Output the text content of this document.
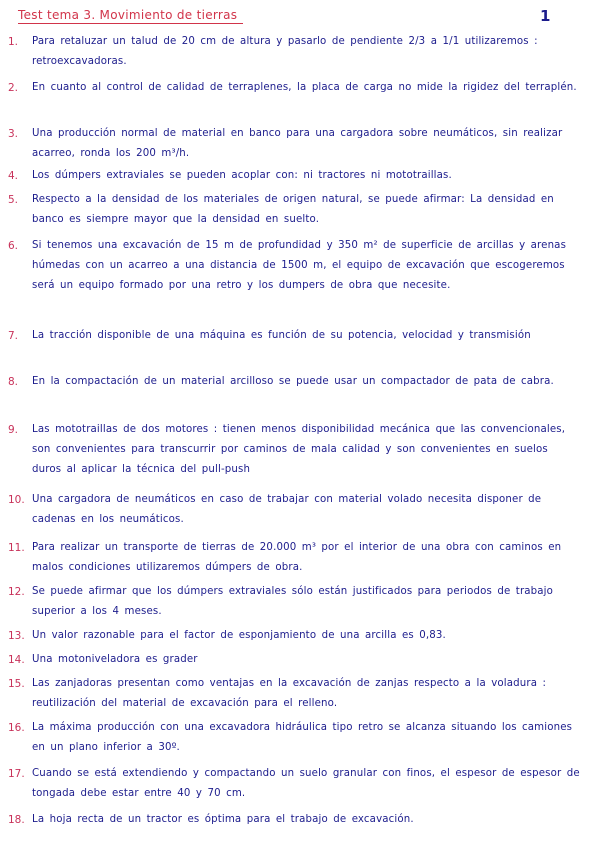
Test tema 3. Movimiento de tierras	1
1.	Para retaluzar un talud de 20 cm de altura y pasarlo de pendiente 2/3 a 1/1 utilizaremos : retroexcavadoras.
2.	En cuanto al control de calidad de terraplenes, la placa de carga no mide la rigidez del terraplén.
3.	Una producción normal de material en banco para una cargadora sobre neumáticos, sin realizar acarreo, ronda los 200 m³/h.
4.	Los dúmpers extraviales se pueden acoplar con: ni tractores ni mototraillas.
5.	Respecto a la densidad de los materiales de origen natural, se puede afirmar: La densidad en banco es siempre mayor que la densidad en suelto.
6.	Si tenemos una excavación de 15 m de profundidad y 350 m² de superficie de arcillas y arenas húmedas con un acarreo a una distancia de 1500 m, el equipo de excavación que escogeremos será un equipo formado por una retro y los dumpers de obra que necesite.
7.	La tracción disponible de una máquina es función de su potencia, velocidad y transmisión
8.	En la compactación de un material arcilloso se puede usar un compactador de pata de cabra.
9.	Las mototraillas de dos motores : tienen menos disponibilidad mecánica que las convencionales, son convenientes para transcurrir por caminos de mala calidad y son convenientes en suelos duros al aplicar la técnica del pull-push
10. Una cargadora de neumáticos en caso de trabajar con material volado necesita disponer de cadenas en los neumáticos.
11. Para realizar un transporte de tierras de 20.000 m³ por el interior de una obra con caminos en malos condiciones utilizaremos dúmpers de obra.
12. Se puede afirmar que los dúmpers extraviales sólo están justificados para periodos de trabajo superior a los 4 meses.
13. Un valor razonable para el factor de esponjamiento de una arcilla es 0,83.
14. Una motoniveladora es grader
15. Las zanjadoras presentan como ventajas en la excavación de zanjas respecto a la voladura : reutilización del material de excavación para el relleno.
16. La máxima producción con una excavadora hidráulica tipo retro se alcanza situando los camiones en un plano inferior a 30º.
17. Cuando se está extendiendo y compactando un suelo granular con finos, el espesor de espesor de tongada debe estar entre 40 y 70 cm.
18. La hoja recta de un tractor es óptima para el trabajo de excavación.
